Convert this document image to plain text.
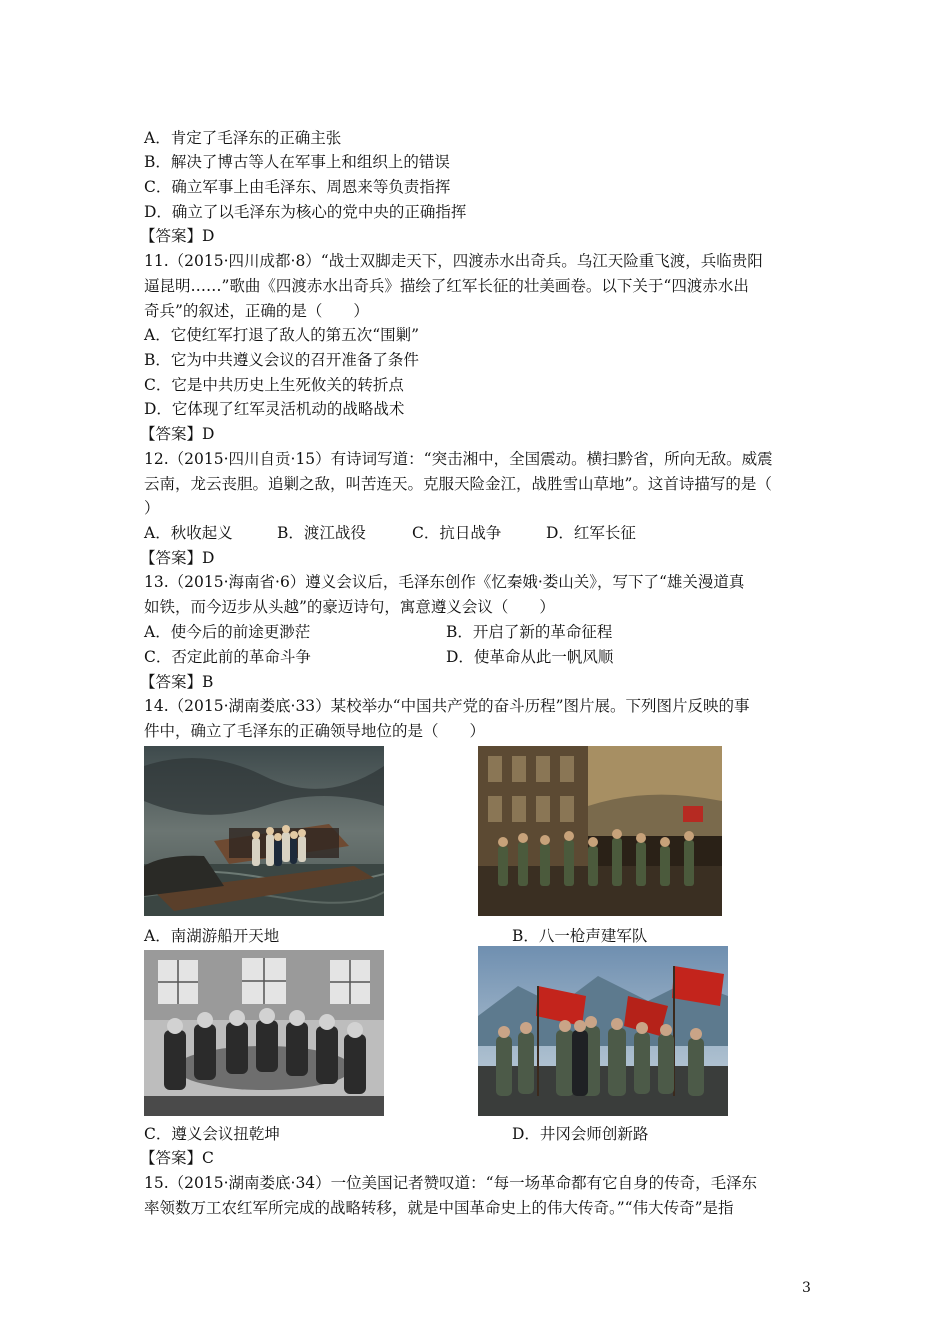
A．肯定了毛泽东的正确主张
B．解决了博古等人在军事上和组织上的错误
C．确立军事上由毛泽东、周恩来等负责指挥
D．确立了以毛泽东为核心的党中央的正确指挥
【答案】D
11.（2015·四川成都·8）“战士双脚走天下，四渡赤水出奇兵。乌江天险重飞渡，兵临贵阳
逼昆明……”歌曲《四渡赤水出奇兵》描绘了红军长征的壮美画卷。以下关于“四渡赤水出
奇兵”的叙述，正确的是（　　）
A．它使红军打退了敌人的第五次“围剿”
B．它为中共遵义会议的召开准备了条件
C．它是中共历史上生死攸关的转折点
D．它体现了红军灵活机动的战略战术
【答案】D
12.（2015·四川自贡·15）有诗词写道：“突击湘中，全国震动。横扫黔省，所向无敌。威震
云南，龙云丧胆。追剿之敌，叫苦连天。克服天险金江，战胜雪山草地”。这首诗描写的是（
）
A．秋收起义	B．渡江战役	C．抗日战争	D．红军长征
【答案】D
13.（2015·海南省·6）遵义会议后，毛泽东创作《忆秦娥·娄山关》，写下了“雄关漫道真
如铁，而今迈步从头越”的豪迈诗句，寓意遵义会议（　　）
A．使今后的前途更渺茫	B．开启了新的革命征程
C．否定此前的革命斗争	D．使革命从此一帆风顺
【答案】B
14.（2015·湖南娄底·33）某校举办“中国共产党的奋斗历程”图片展。下列图片反映的事
件中，确立了毛泽东的正确领导地位的是（　　）
A．南湖游船开天地	B．八一枪声建军队
C．遵义会议扭乾坤	D．井冈会师创新路
【答案】C
15.（2015·湖南娄底·34）一位美国记者赞叹道：“每一场革命都有它自身的传奇，毛泽东
率领数万工农红军所完成的战略转移，就是中国革命史上的伟大传奇。”“伟大传奇”是指
3
